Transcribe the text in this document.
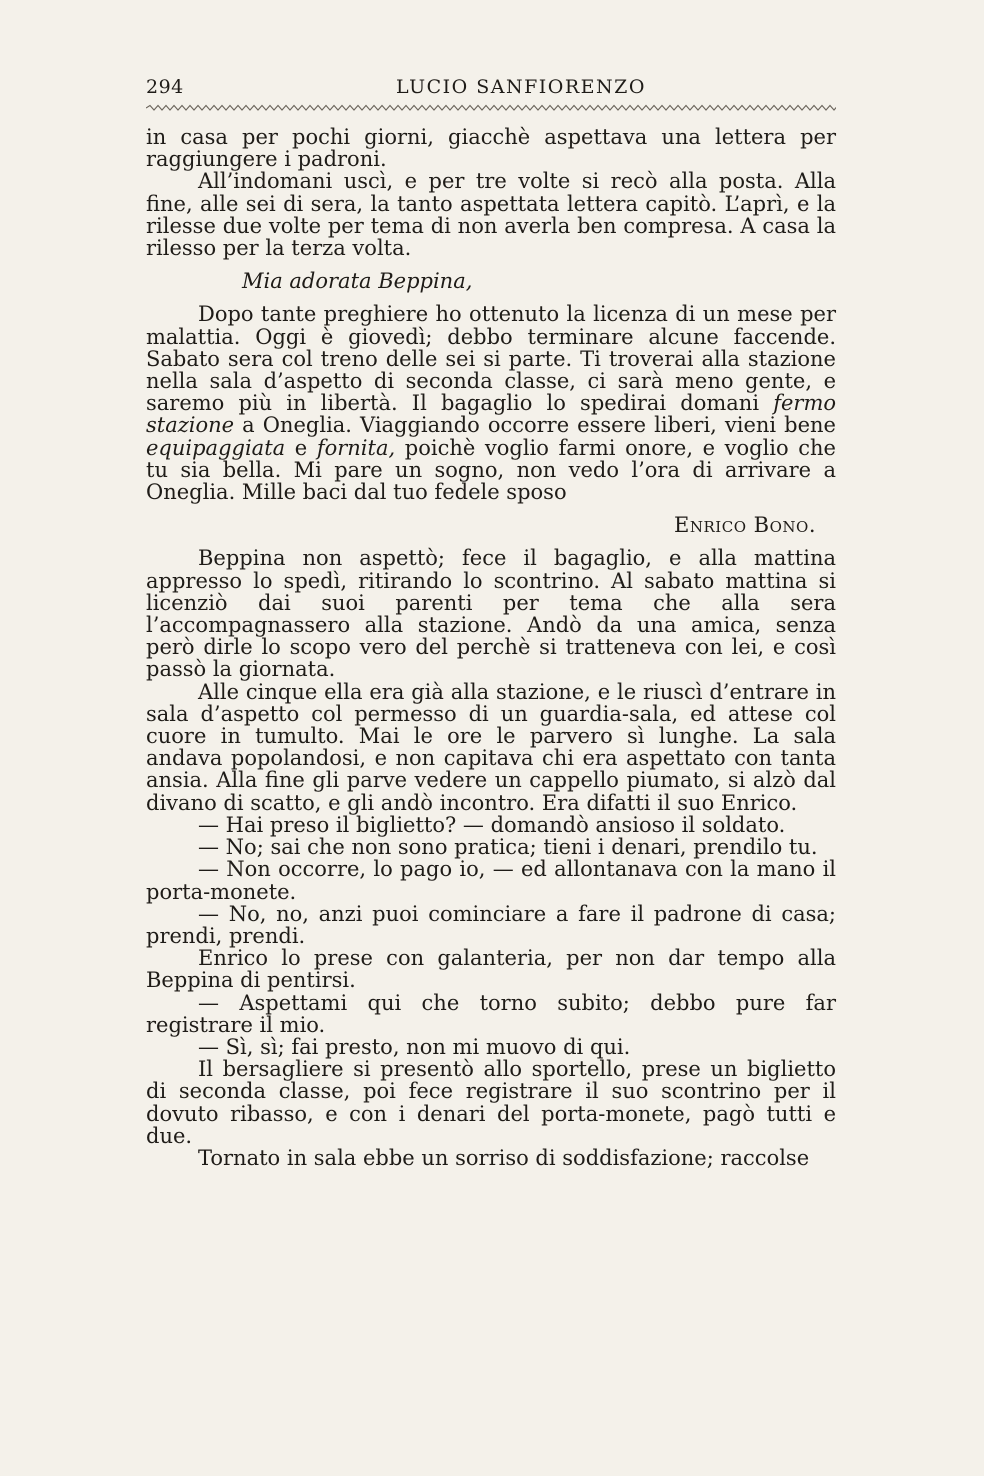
294	LUCIO SANFIORENZO

in casa per pochi giorni, giacchè aspettava una lettera per raggiungere i padroni.

All’indomani uscì, e per tre volte si recò alla posta. Alla fine, alle sei di sera, la tanto aspettata lettera capitò. L’aprì, e la rilesse due volte per tema di non averla ben compresa. A casa la rilesso per la terza volta.

Mia adorata Beppina,

Dopo tante preghiere ho ottenuto la licenza di un mese per malattia. Oggi è giovedì; debbo terminare alcune faccende. Sabato sera col treno delle sei si parte. Ti troverai alla stazione nella sala d’aspetto di seconda classe, ci sarà meno gente, e saremo più in libertà. Il bagaglio lo spedirai domani fermo stazione a Oneglia. Viaggiando occorre essere liberi, vieni bene equipaggiata e fornita, poichè voglio farmi onore, e voglio che tu sia bella. Mi pare un sogno, non vedo l’ora di arrivare a Oneglia. Mille baci dal tuo fedele sposo

Enrico Bono.

Beppina non aspettò; fece il bagaglio, e alla mattina appresso lo spedì, ritirando lo scontrino. Al sabato mattina si licenziò dai suoi parenti per tema che alla sera l’accompagnassero alla stazione. Andò da una amica, senza però dirle lo scopo vero del perchè si tratteneva con lei, e così passò la giornata.

Alle cinque ella era già alla stazione, e le riuscì d’entrare in sala d’aspetto col permesso di un guardia-sala, ed attese col cuore in tumulto. Mai le ore le parvero sì lunghe. La sala andava popolandosi, e non capitava chi era aspettato con tanta ansia. Alla fine gli parve vedere un cappello piumato, si alzò dal divano di scatto, e gli andò incontro. Era difatti il suo Enrico.

— Hai preso il biglietto? — domandò ansioso il soldato.

— No; sai che non sono pratica; tieni i denari, prendilo tu.

— Non occorre, lo pago io, — ed allontanava con la mano il porta-monete.

— No, no, anzi puoi cominciare a fare il padrone di casa; prendi, prendi.

Enrico lo prese con galanteria, per non dar tempo alla Beppina di pentirsi.

— Aspettami qui che torno subito; debbo pure far registrare il mio.

— Sì, sì; fai presto, non mi muovo di qui.

Il bersagliere si presentò allo sportello, prese un biglietto di seconda classe, poi fece registrare il suo scontrino per il dovuto ribasso, e con i denari del porta-monete, pagò tutti e due.

Tornato in sala ebbe un sorriso di soddisfazione; raccolse
